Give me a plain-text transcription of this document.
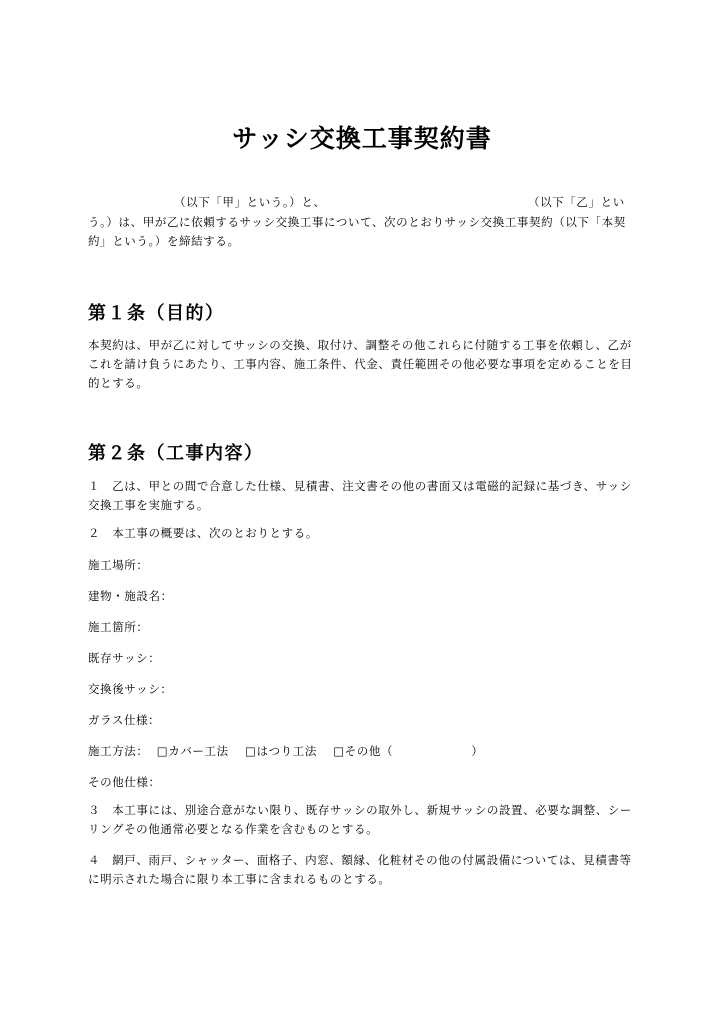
サッシ交換工事契約書
（以下「甲」という。）と、	（以下「乙」とい
う。）は、甲が乙に依頼するサッシ交換工事について、次のとおりサッシ交換工事契約（以下「本契
約」という。）を締結する。
第１条（目的）
本契約は、甲が乙に対してサッシの交換、取付け、調整その他これらに付随する工事を依頼し、乙が
これを請け負うにあたり、工事内容、施工条件、代金、責任範囲その他必要な事項を定めることを目
的とする。
第２条（工事内容）
１　乙は、甲との間で合意した仕様、見積書、注文書その他の書面又は電磁的記録に基づき、サッシ
交換工事を実施する。
２　本工事の概要は、次のとおりとする。
施工場所：
建物・施設名：
施工箇所：
既存サッシ：
交換後サッシ：
ガラス仕様：
施工方法： □カバー工法 □はつり工法 □その他（	）
その他仕様：
３　本工事には、別途合意がない限り、既存サッシの取外し、新規サッシの設置、必要な調整、シー
リングその他通常必要となる作業を含むものとする。
４　網戸、雨戸、シャッター、面格子、内窓、額縁、化粧材その他の付属設備については、見積書等
に明示された場合に限り本工事に含まれるものとする。
